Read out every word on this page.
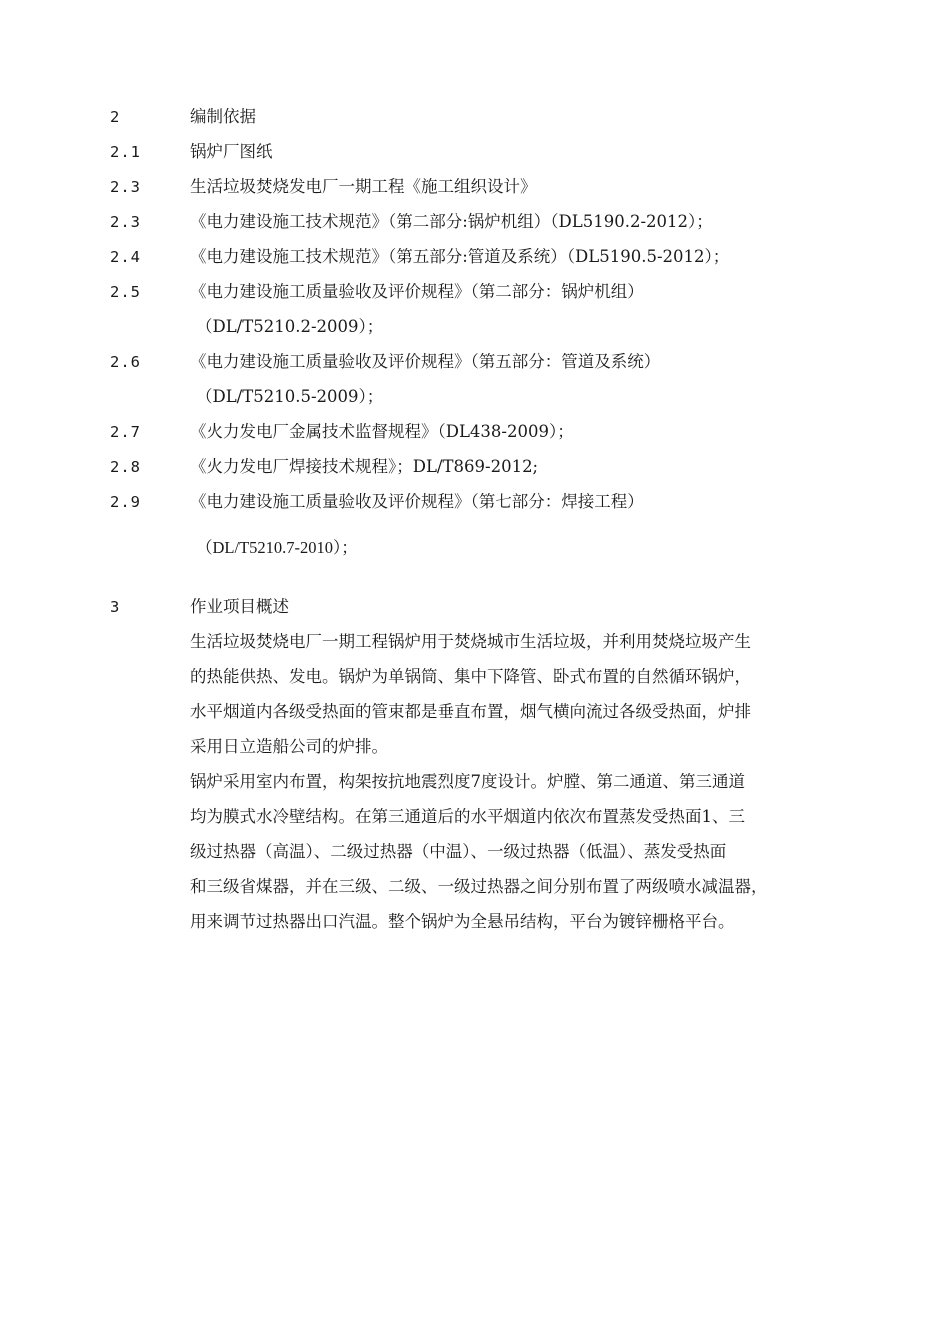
2	编制依据
2.1	锅炉厂图纸
2.3	生活垃圾焚烧发电厂一期工程《施工组织设计》
2.3	《电力建设施工技术规范》（第二部分:锅炉机组）（DL5190.2-2012）；
2.4	《电力建设施工技术规范》（第五部分:管道及系统）（DL5190.5-2012）；
2.5	《电力建设施工质量验收及评价规程》（第二部分：锅炉机组）
（DL/T5210.2-2009）；
2.6	《电力建设施工质量验收及评价规程》（第五部分：管道及系统）
（DL/T5210.5-2009）；
2.7	《火力发电厂金属技术监督规程》（DL438-2009）；
2.8	《火力发电厂焊接技术规程》；DL/T869-2012;
2.9	《电力建设施工质量验收及评价规程》（第七部分：焊接工程）
（DL/T5210.7-2010）；
3	作业项目概述
生活垃圾焚烧电厂一期工程锅炉用于焚烧城市生活垃圾，并利用焚烧垃圾产生
的热能供热、发电。锅炉为单锅筒、集中下降管、卧式布置的自然循环锅炉，
水平烟道内各级受热面的管束都是垂直布置，烟气横向流过各级受热面，炉排
采用日立造船公司的炉排。
锅炉采用室内布置，构架按抗地震烈度7度设计。炉膛、第二通道、第三通道
均为膜式水冷壁结构。在第三通道后的水平烟道内依次布置蒸发受热面1、三
级过热器（高温）、二级过热器（中温）、一级过热器（低温）、蒸发受热面
和三级省煤器，并在三级、二级、一级过热器之间分别布置了两级喷水减温器，
用来调节过热器出口汽温。整个锅炉为全悬吊结构，平台为镀锌栅格平台。
